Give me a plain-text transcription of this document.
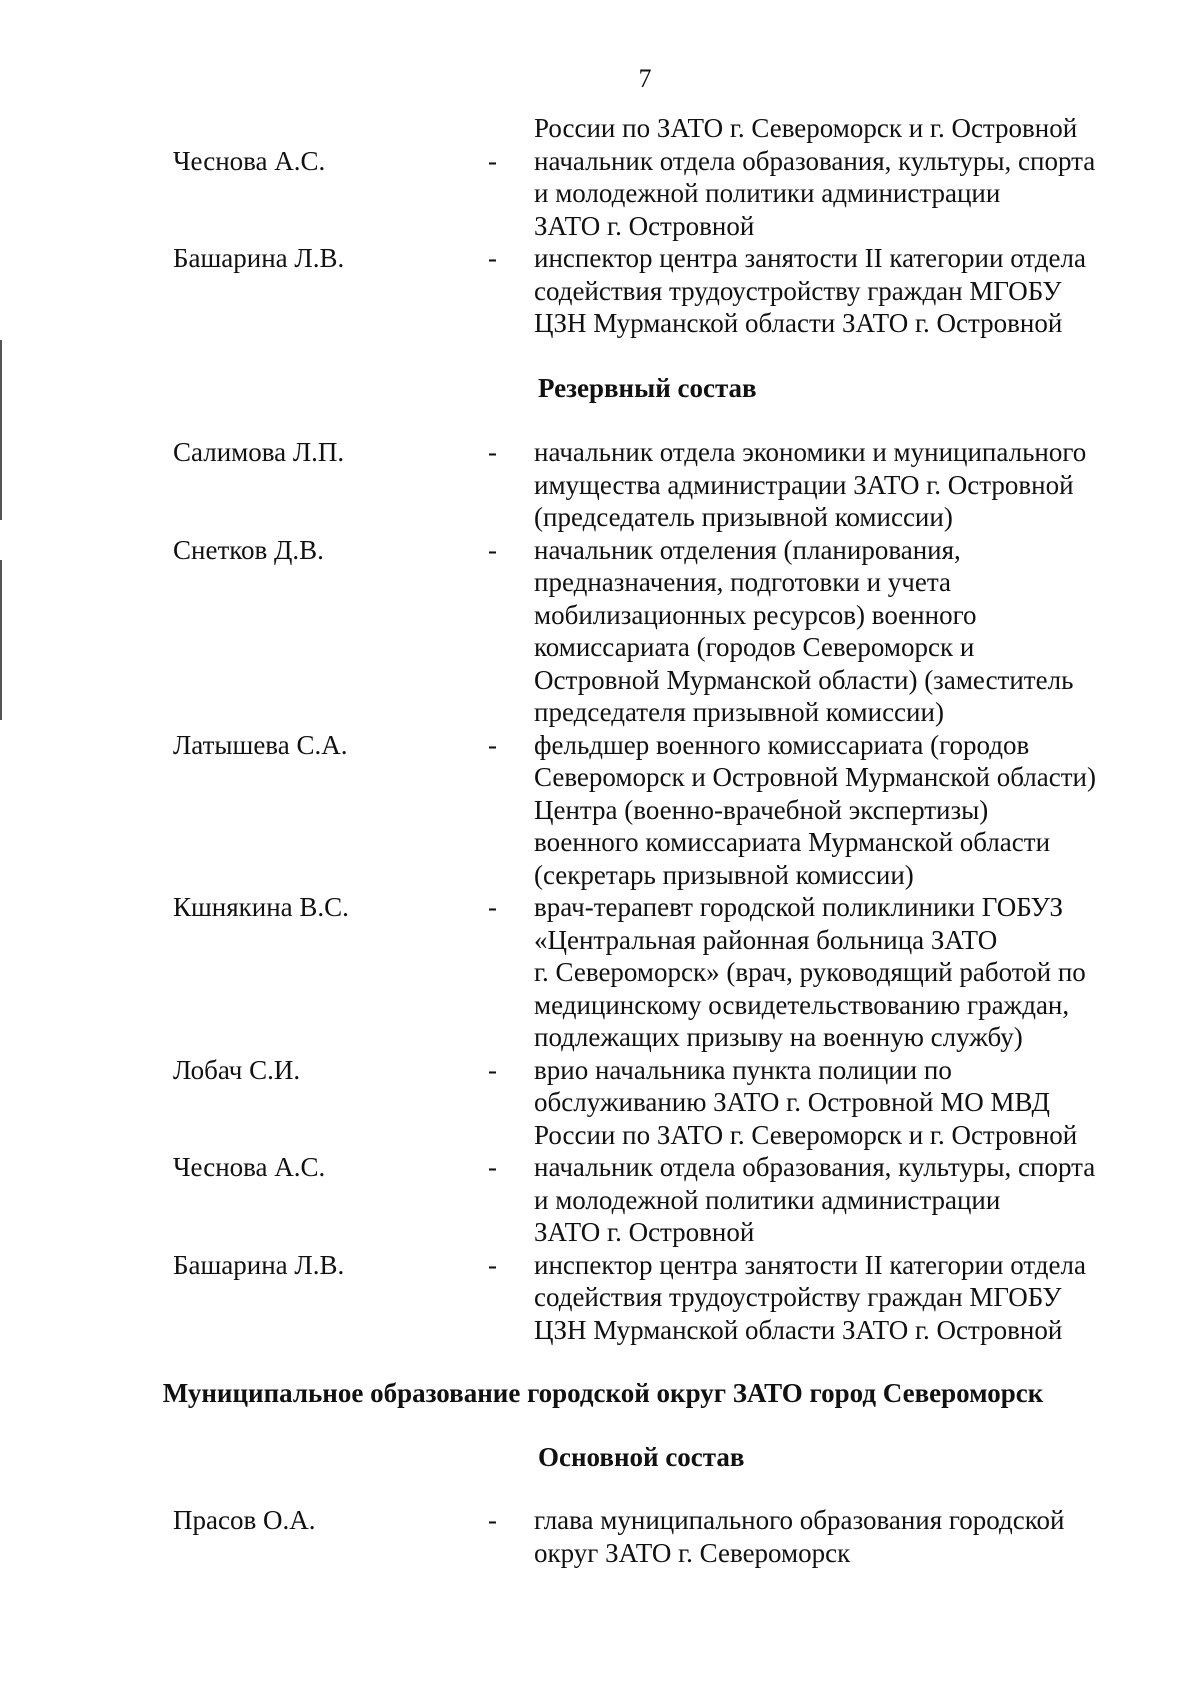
7
России по ЗАТО г. Североморск и г. Островной
Чеснова А.С.	-	начальник отдела образования, культуры, спорта
и молодежной политики администрации
ЗАТО г. Островной
Башарина Л.В.	-	инспектор центра занятости II категории отдела
содействия трудоустройству граждан МГОБУ
ЦЗН Мурманской области ЗАТО г. Островной
Резервный состав
Салимова Л.П.	-	начальник отдела экономики и муниципального
имущества администрации ЗАТО г. Островной
(председатель призывной комиссии)
Снетков Д.В.	-	начальник отделения (планирования,
предназначения, подготовки и учета
мобилизационных ресурсов) военного
комиссариата (городов Североморск и
Островной Мурманской области) (заместитель
председателя призывной комиссии)
Латышева С.А.	-	фельдшер военного комиссариата (городов
Североморск и Островной Мурманской области)
Центра (военно-врачебной экспертизы)
военного комиссариата Мурманской области
(секретарь призывной комиссии)
Кшнякина В.С.	-	врач-терапевт городской поликлиники ГОБУЗ
«Центральная районная больница ЗАТО
г. Североморск» (врач, руководящий работой по
медицинскому освидетельствованию граждан,
подлежащих призыву на военную службу)
Лобач С.И.	-	врио начальника пункта полиции по
обслуживанию ЗАТО г. Островной МО МВД
России по ЗАТО г. Североморск и г. Островной
Чеснова А.С.	-	начальник отдела образования, культуры, спорта
и молодежной политики администрации
ЗАТО г. Островной
Башарина Л.В.	-	инспектор центра занятости II категории отдела
содействия трудоустройству граждан МГОБУ
ЦЗН Мурманской области ЗАТО г. Островной
Муниципальное образование городской округ ЗАТО город Североморск
Основной состав
Прасов О.А.	-	глава муниципального образования городской
округ ЗАТО г. Североморск
